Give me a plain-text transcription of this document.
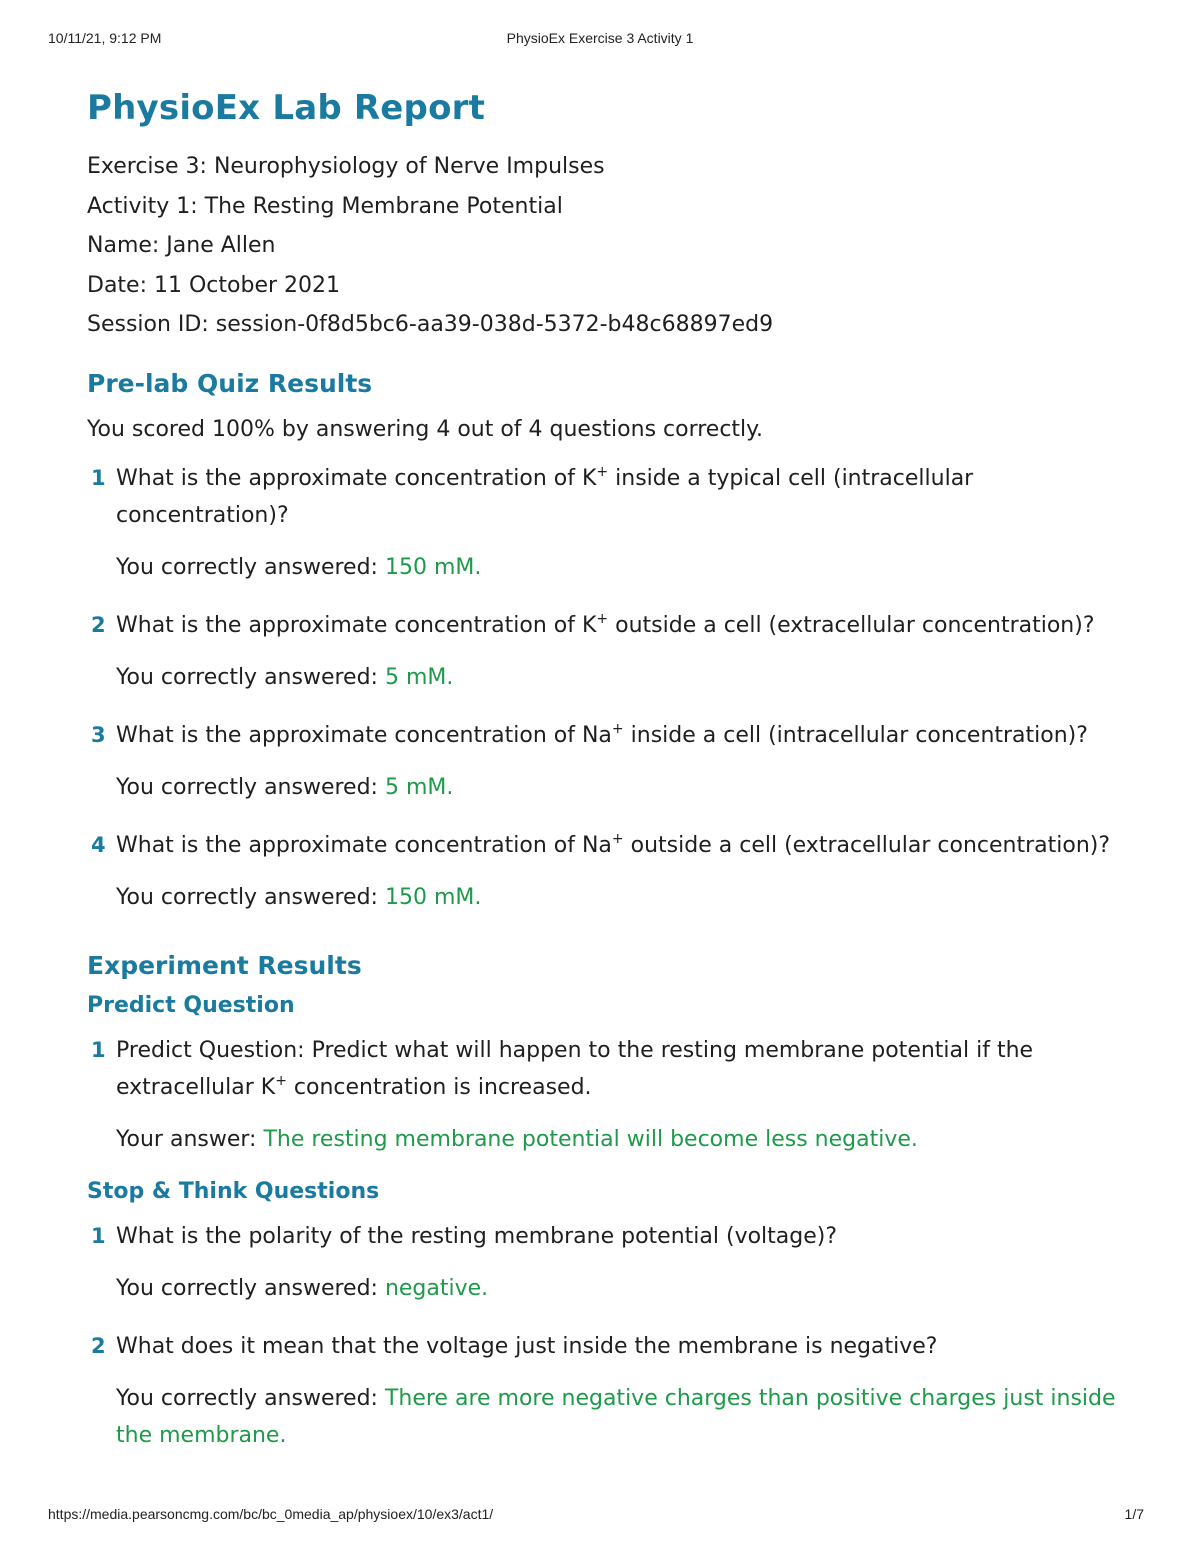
10/11/21, 9:12 PM	PhysioEx Exercise 3 Activity 1
PhysioEx Lab Report
Exercise 3: Neurophysiology of Nerve Impulses
Activity 1: The Resting Membrane Potential
Name: Jane Allen
Date: 11 October 2021
Session ID: session-0f8d5bc6-aa39-038d-5372-b48c68897ed9
Pre-lab Quiz Results
You scored 100% by answering 4 out of 4 questions correctly.
1 What is the approximate concentration of K+ inside a typical cell (intracellular concentration)?
You correctly answered: 150 mM.
2 What is the approximate concentration of K+ outside a cell (extracellular concentration)?
You correctly answered: 5 mM.
3 What is the approximate concentration of Na+ inside a cell (intracellular concentration)?
You correctly answered: 5 mM.
4 What is the approximate concentration of Na+ outside a cell (extracellular concentration)?
You correctly answered: 150 mM.
Experiment Results
Predict Question
1 Predict Question: Predict what will happen to the resting membrane potential if the extracellular K+ concentration is increased.
Your answer: The resting membrane potential will become less negative.
Stop & Think Questions
1 What is the polarity of the resting membrane potential (voltage)?
You correctly answered: negative.
2 What does it mean that the voltage just inside the membrane is negative?
You correctly answered: There are more negative charges than positive charges just inside the membrane.
https://media.pearsoncmg.com/bc/bc_0media_ap/physioex/10/ex3/act1/	1/7
